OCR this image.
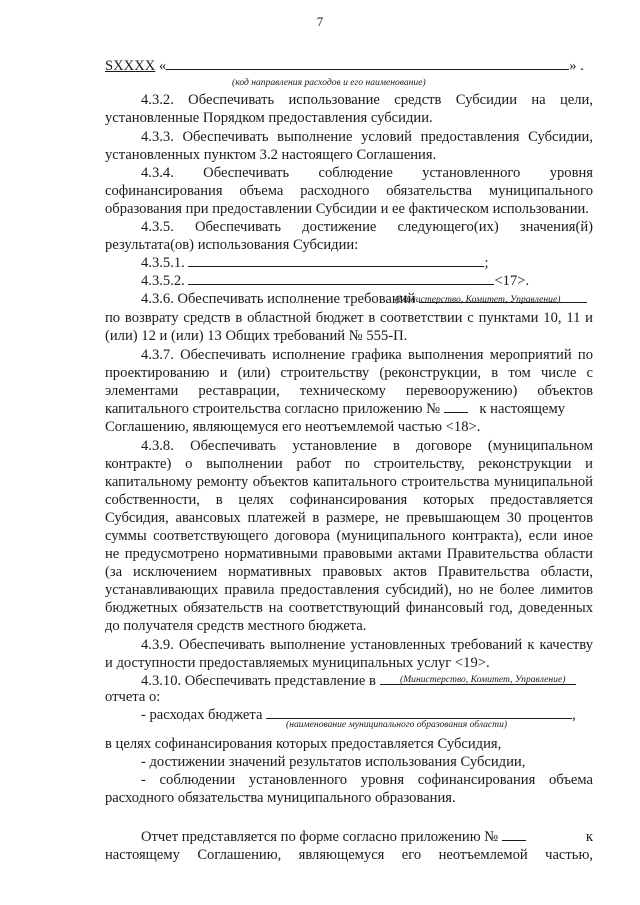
7
SXXXX «	» .
(код направления расходов и его наименование)
4.3.2. Обеспечивать использование средств Субсидии на цели,
установленные Порядком предоставления субсидии.
4.3.3. Обеспечивать выполнение условий предоставления Субсидии,
установленных пунктом 3.2 настоящего Соглашения.
4.3.4. Обеспечивать соблюдение установленного уровня
софинансирования объема расходного обязательства муниципального
образования при предоставлении Субсидии и ее фактическом использовании.
4.3.5. Обеспечивать достижение следующего(их) значения(й)
результата(ов) использования Субсидии:
4.3.5.1.	;
4.3.5.2.	<17>.
4.3.6. Обеспечивать исполнение требований
(Министерство, Комитет, Управление)
по возврату средств в областной бюджет в соответствии с пунктами 10, 11 и
(или) 12 и (или) 13 Общих требований № 555-П.
4.3.7. Обеспечивать исполнение графика выполнения мероприятий по
проектированию и (или) строительству (реконструкции, в том числе с
элементами реставрации, техническому перевооружению) объектов
капитального строительства согласно приложению №	к настоящему
Соглашению, являющемуся его неотъемлемой частью <18>.
4.3.8. Обеспечивать установление в договоре (муниципальном
контракте) о выполнении работ по строительству, реконструкции и
капитальному ремонту объектов капитального строительства муниципальной
собственности, в целях софинансирования которых предоставляется
Субсидия, авансовых платежей в размере, не превышающем 30 процентов
суммы соответствующего договора (муниципального контракта), если иное
не предусмотрено нормативными правовыми актами Правительства области
(за исключением нормативных правовых актов Правительства области,
устанавливающих правила предоставления субсидий), но не более лимитов
бюджетных обязательств на соответствующий финансовый год, доведенных
до получателя средств местного бюджета.
4.3.9. Обеспечивать выполнение установленных требований к качеству
и доступности предоставляемых муниципальных услуг <19>.
4.3.10. Обеспечивать представление в	(Министерство, Комитет, Управление)
отчета о:
- расходах бюджета	,
(наименование муниципального образования области)
в целях софинансирования которых предоставляется Субсидия,
- достижении значений результатов использования Субсидии,
- соблюдении установленного уровня софинансирования объема
расходного обязательства муниципального образования.
Отчет представляется по форме согласно приложению №	к
настоящему Соглашению, являющемуся его неотъемлемой частью,
